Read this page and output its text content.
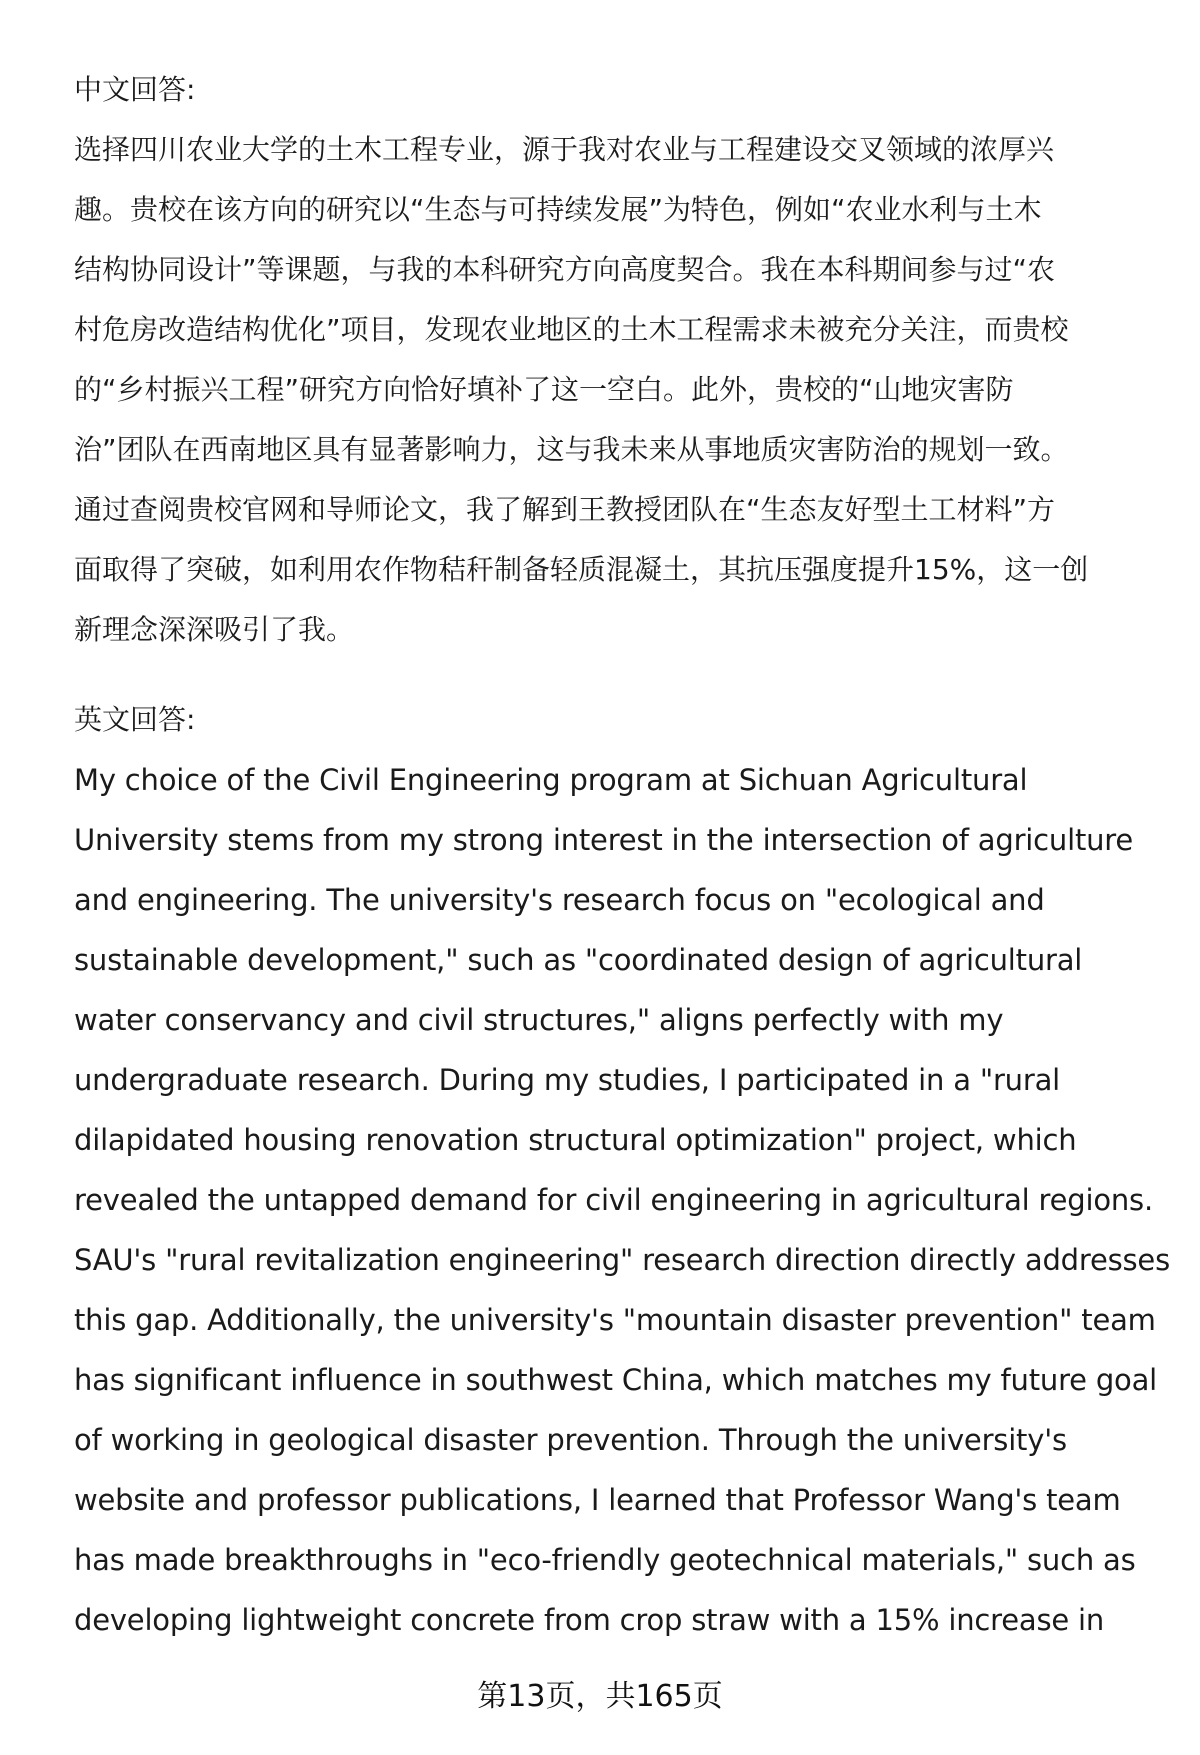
中文回答:
选择四川农业大学的土木工程专业，源于我对农业与工程建设交叉领域的浓厚兴
趣。贵校在该方向的研究以“生态与可持续发展”为特色，例如“农业水利与土木
结构协同设计”等课题，与我的本科研究方向高度契合。我在本科期间参与过“农
村危房改造结构优化”项目，发现农业地区的土木工程需求未被充分关注，而贵校
的“乡村振兴工程”研究方向恰好填补了这一空白。此外，贵校的“山地灾害防
治”团队在西南地区具有显著影响力，这与我未来从事地质灾害防治的规划一致。
通过查阅贵校官网和导师论文，我了解到王教授团队在“生态友好型土工材料”方
面取得了突破，如利用农作物秸秆制备轻质混凝土，其抗压强度提升15%，这一创
新理念深深吸引了我。
英文回答:
My choice of the Civil Engineering program at Sichuan Agricultural
University stems from my strong interest in the intersection of agriculture
and engineering. The university's research focus on "ecological and
sustainable development," such as "coordinated design of agricultural
water conservancy and civil structures," aligns perfectly with my
undergraduate research. During my studies, I participated in a "rural
dilapidated housing renovation structural optimization" project, which
revealed the untapped demand for civil engineering in agricultural regions.
SAU's "rural revitalization engineering" research direction directly addresses
this gap. Additionally, the university's "mountain disaster prevention" team
has significant influence in southwest China, which matches my future goal
of working in geological disaster prevention. Through the university's
website and professor publications, I learned that Professor Wang's team
has made breakthroughs in "eco-friendly geotechnical materials," such as
developing lightweight concrete from crop straw with a 15% increase in
第13页，共165页
